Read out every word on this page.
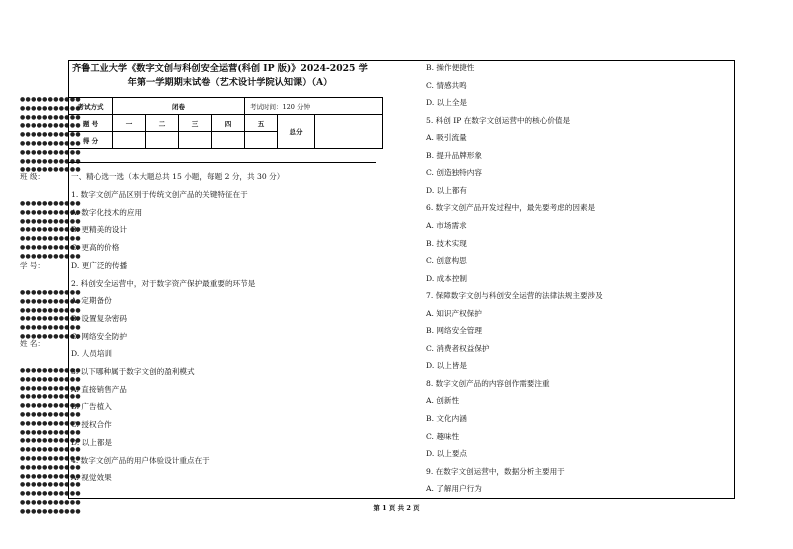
●●●●●●●●●●●
●●●●●●●●●●●
●●●●●●●●●●●
●●●●●●●●●●●
●●●●●●●●●●●
●●●●●●●●●●●
●●●●●●●●●●●
●●●●●●●●●●●
●●●●●●●●●●●
●●●●●●●●●●●
●●●●●●●●●●●
●●●●●●●●●●●
●●●●●●●●●●●
●●●●●●●●●●●
●●●●●●●●●●●
●●●●●●●●●●●
●●●●●●●●●●●
●●●●●●●●●●●
●●●●●●●●●●●
●●●●●●●●●●●
●●●●●●●●●●●
●●●●●●●●●●●
●●●●●●●●●●●
●●●●●●●●●●●
●●●●●●●●●●●
●●●●●●●●●●●
●●●●●●●●●●●
●●●●●●●●●●●
●●●●●●●●●●●
●●●●●●●●●●●
●●●●●●●●●●●
●●●●●●●●●●●
●●●●●●●●●●●
●●●●●●●●●●●
●●●●●●●●●●●
●●●●●●●●●●●
●●●●●●●●●●●
●●●●●●●●●●●
●●●●●●●●●●●
班 级：
学 号：
姓 名：
齐鲁工业大学《数字文创与科创安全运营(科创 IP 版)》2024-2025 学
年第一学期期末试卷（艺术设计学院认知课）（A）
考试方式	闭卷				考试时间：120 分钟		
题 号	一	二	三	四	五	总分	
得 分							
一、精心选一选（本大题总共 15 小题，每题 2 分，共 30 分）
1. 数字文创产品区别于传统文创产品的关键特征在于
A. 数字化技术的应用
B. 更精美的设计
C. 更高的价格
D. 更广泛的传播
2. 科创安全运营中，对于数字资产保护最重要的环节是
A. 定期备份
B. 设置复杂密码
C. 网络安全防护
D. 人员培训
3. 以下哪种属于数字文创的盈利模式
A. 直接销售产品
B. 广告植入
C. 授权合作
D. 以上都是
4. 数字文创产品的用户体验设计重点在于
A. 视觉效果
B. 操作便捷性
C. 情感共鸣
D. 以上全是
5. 科创 IP 在数字文创运营中的核心价值是
A. 吸引流量
B. 提升品牌形象
C. 创造独特内容
D. 以上都有
6. 数字文创产品开发过程中，最先要考虑的因素是
A. 市场需求
B. 技术实现
C. 创意构思
D. 成本控制
7. 保障数字文创与科创安全运营的法律法规主要涉及
A. 知识产权保护
B. 网络安全管理
C. 消费者权益保护
D. 以上皆是
8. 数字文创产品的内容创作需要注重
A. 创新性
B. 文化内涵
C. 趣味性
D. 以上要点
9. 在数字文创运营中，数据分析主要用于
A. 了解用户行为
第 1 页 共 2 页
